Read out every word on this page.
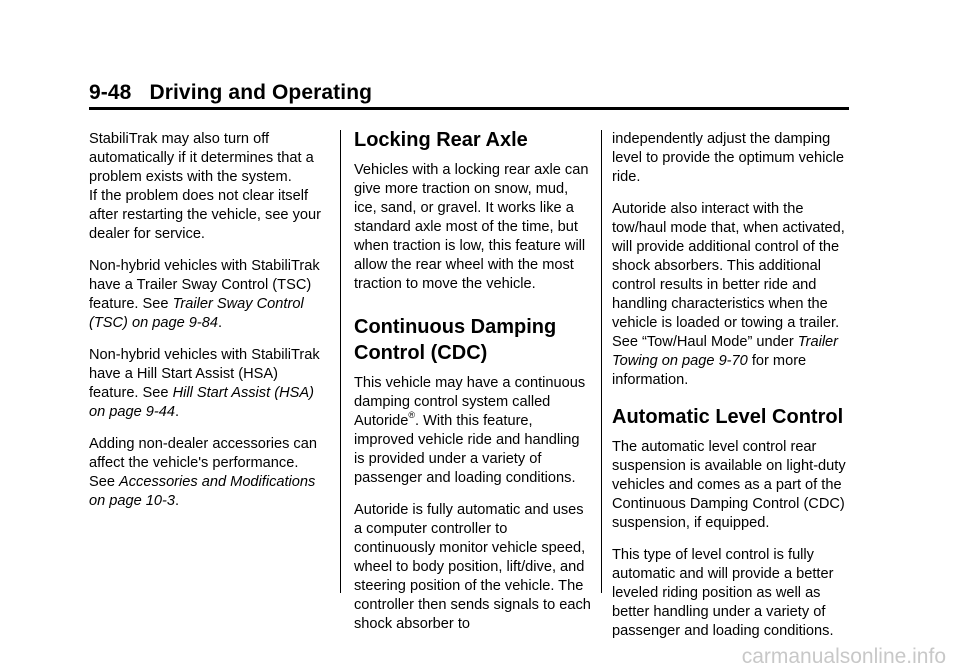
9-48 Driving and Operating

StabiliTrak may also turn off automatically if it determines that a problem exists with the system.

If the problem does not clear itself after restarting the vehicle, see your dealer for service.

Non-hybrid vehicles with StabiliTrak have a Trailer Sway Control (TSC) feature. See Trailer Sway Control (TSC) on page 9-84.

Non-hybrid vehicles with StabiliTrak have a Hill Start Assist (HSA) feature. See Hill Start Assist (HSA) on page 9-44.

Adding non-dealer accessories can affect the vehicle's performance. See Accessories and Modifications on page 10-3.

Locking Rear Axle

Vehicles with a locking rear axle can give more traction on snow, mud, ice, sand, or gravel. It works like a standard axle most of the time, but when traction is low, this feature will allow the rear wheel with the most traction to move the vehicle.

Continuous Damping Control (CDC)

This vehicle may have a continuous damping control system called Autoride®. With this feature, improved vehicle ride and handling is provided under a variety of passenger and loading conditions.

Autoride is fully automatic and uses a computer controller to continuously monitor vehicle speed, wheel to body position, lift/dive, and steering position of the vehicle. The controller then sends signals to each shock absorber to

independently adjust the damping level to provide the optimum vehicle ride.

Autoride also interact with the tow/haul mode that, when activated, will provide additional control of the shock absorbers. This additional control results in better ride and handling characteristics when the vehicle is loaded or towing a trailer. See “Tow/Haul Mode” under Trailer Towing on page 9-70 for more information.

Automatic Level Control

The automatic level control rear suspension is available on light-duty vehicles and comes as a part of the Continuous Damping Control (CDC) suspension, if equipped.

This type of level control is fully automatic and will provide a better leveled riding position as well as better handling under a variety of passenger and loading conditions.

carmanualsonline.info
